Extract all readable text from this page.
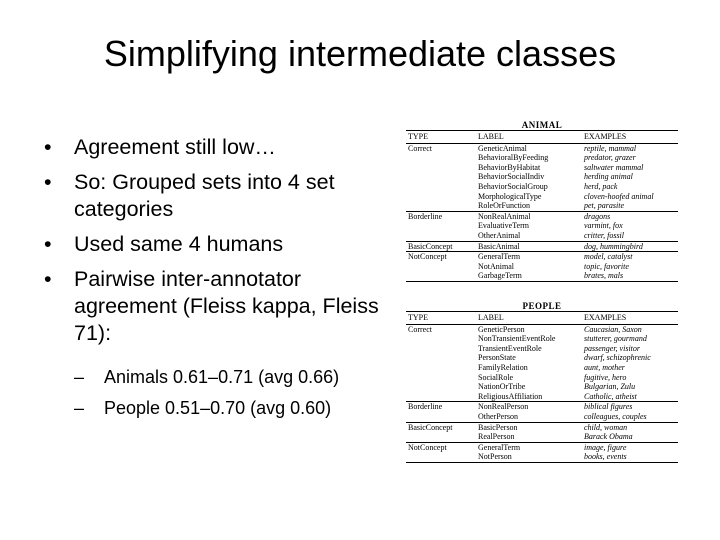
Simplifying intermediate classes
• Agreement still low…
• So: Grouped sets into 4 set categories
• Used same 4 humans
• Pairwise inter-annotator agreement (Fleiss kappa, Fleiss 71):
– Animals 0.61–0.71 (avg 0.66)
– People 0.51–0.70 (avg 0.60)
ANIMAL
TYPE	LABEL	EXAMPLES
Correct	GeneticAnimal	reptile, mammal
	BehavioralByFeeding	predator, grazer
	BehaviorByHabitat	saltwater mammal
	BehaviorSocialIndiv	herding animal
	BehaviorSocialGroup	herd, pack
	MorphologicalType	cloven-hoofed animal
	RoleOrFunction	pet, parasite
Borderline	NonRealAnimal	dragons
	EvaluativeTerm	varmint, fox
	OtherAnimal	critter, fossil
BasicConcept	BasicAnimal	dog, hummingbird
NotConcept	GeneralTerm	model, catalyst
	NotAnimal	topic, favorite
	GarbageTerm	brates, mals
PEOPLE
TYPE	LABEL	EXAMPLES
Correct	GeneticPerson	Caucasian, Saxon
	NonTransientEventRole	stutterer, gourmand
	TransientEventRole	passenger, visitor
	PersonState	dwarf, schizophrenic
	FamilyRelation	aunt, mother
	SocialRole	fugitive, hero
	NationOrTribe	Bulgarian, Zulu
	ReligiousAffiliation	Catholic, atheist
Borderline	NonRealPerson	biblical figures
	OtherPerson	colleagues, couples
BasicConcept	BasicPerson	child, woman
	RealPerson	Barack Obama
NotConcept	GeneralTerm	image, figure
	NotPerson	books, events
